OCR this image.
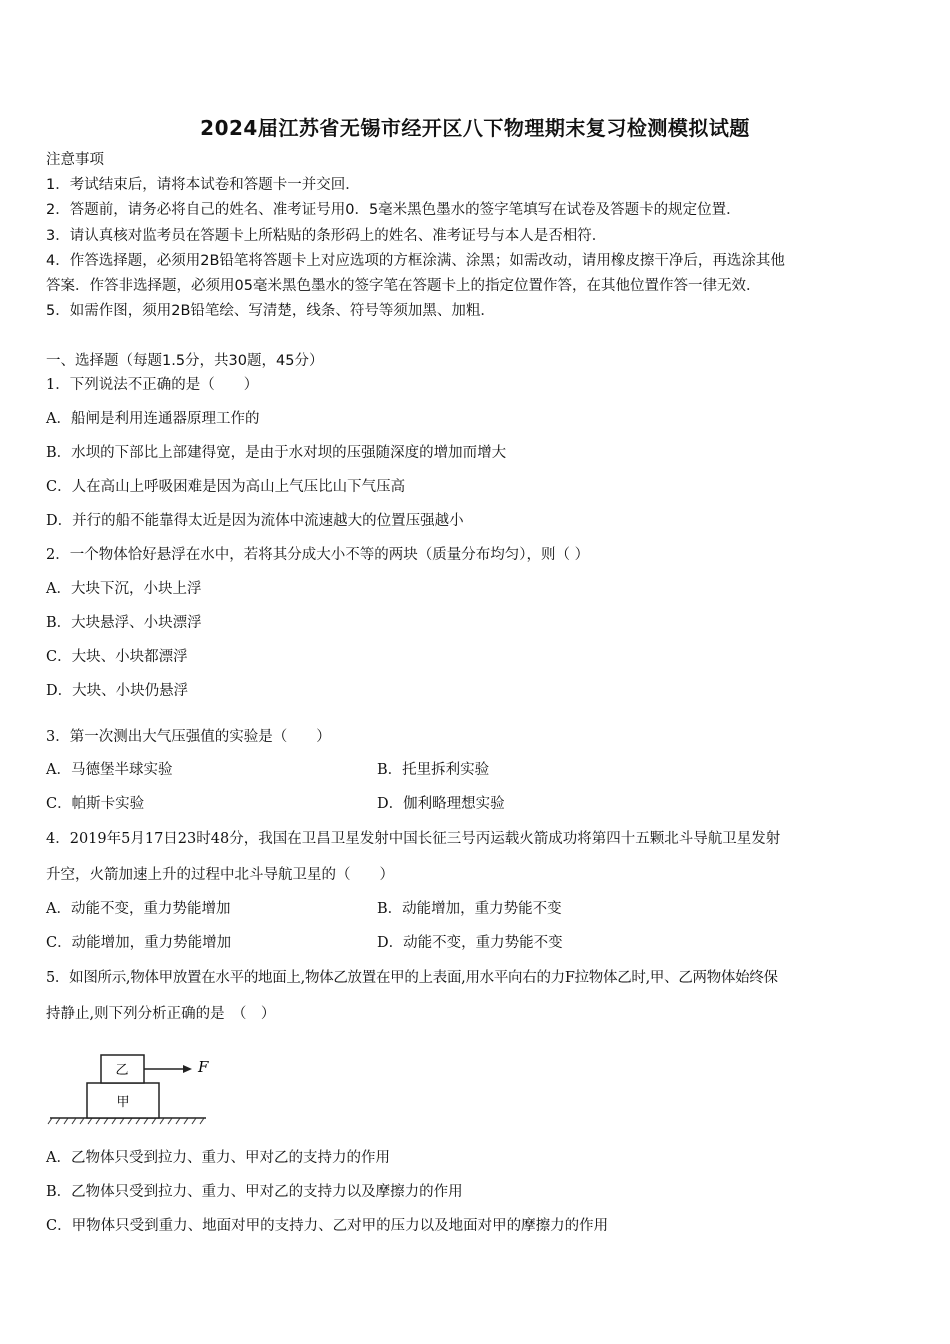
2024届江苏省无锡市经开区八下物理期末复习检测模拟试题
注意事项
1．考试结束后，请将本试卷和答题卡一并交回．
2．答题前，请务必将自己的姓名、准考证号用0．5毫米黑色墨水的签字笔填写在试卷及答题卡的规定位置．
3．请认真核对监考员在答题卡上所粘贴的条形码上的姓名、准考证号与本人是否相符．
4．作答选择题，必须用2B铅笔将答题卡上对应选项的方框涂满、涂黑；如需改动，请用橡皮擦干净后，再选涂其他
答案．作答非选择题，必须用05毫米黑色墨水的签字笔在答题卡上的指定位置作答，在其他位置作答一律无效．
5．如需作图，须用2B铅笔绘、写清楚，线条、符号等须加黑、加粗．
一、选择题（每题1.5分，共30题，45分）
1．下列说法不正确的是（　　）
A．船闸是利用连通器原理工作的
B．水坝的下部比上部建得宽，是由于水对坝的压强随深度的增加而增大
C．人在高山上呼吸困难是因为高山上气压比山下气压高
D．并行的船不能靠得太近是因为流体中流速越大的位置压强越小
2．一个物体恰好悬浮在水中，若将其分成大小不等的两块（质量分布均匀），则（ ）
A．大块下沉，小块上浮
B．大块悬浮、小块漂浮
C．大块、小块都漂浮
D．大块、小块仍悬浮
3．第一次测出大气压强值的实验是（　　）
A．马德堡半球实验	B．托里拆利实验
C．帕斯卡实验	D．伽利略理想实验
4．2019年5月17日23时48分，我国在卫昌卫星发射中国长征三号丙运载火箭成功将第四十五颗北斗导航卫星发射
升空，火箭加速上升的过程中北斗导航卫星的（　　）
A．动能不变，重力势能增加	B．动能增加，重力势能不变
C．动能增加，重力势能增加	D．动能不变，重力势能不变
5．如图所示,物体甲放置在水平的地面上,物体乙放置在甲的上表面,用水平向右的力F拉物体乙时,甲、乙两物体始终保
持静止,则下列分析正确的是　（　）
甲
乙	F
A．乙物体只受到拉力、重力、甲对乙的支持力的作用
B．乙物体只受到拉力、重力、甲对乙的支持力以及摩擦力的作用
C．甲物体只受到重力、地面对甲的支持力、乙对甲的压力以及地面对甲的摩擦力的作用
